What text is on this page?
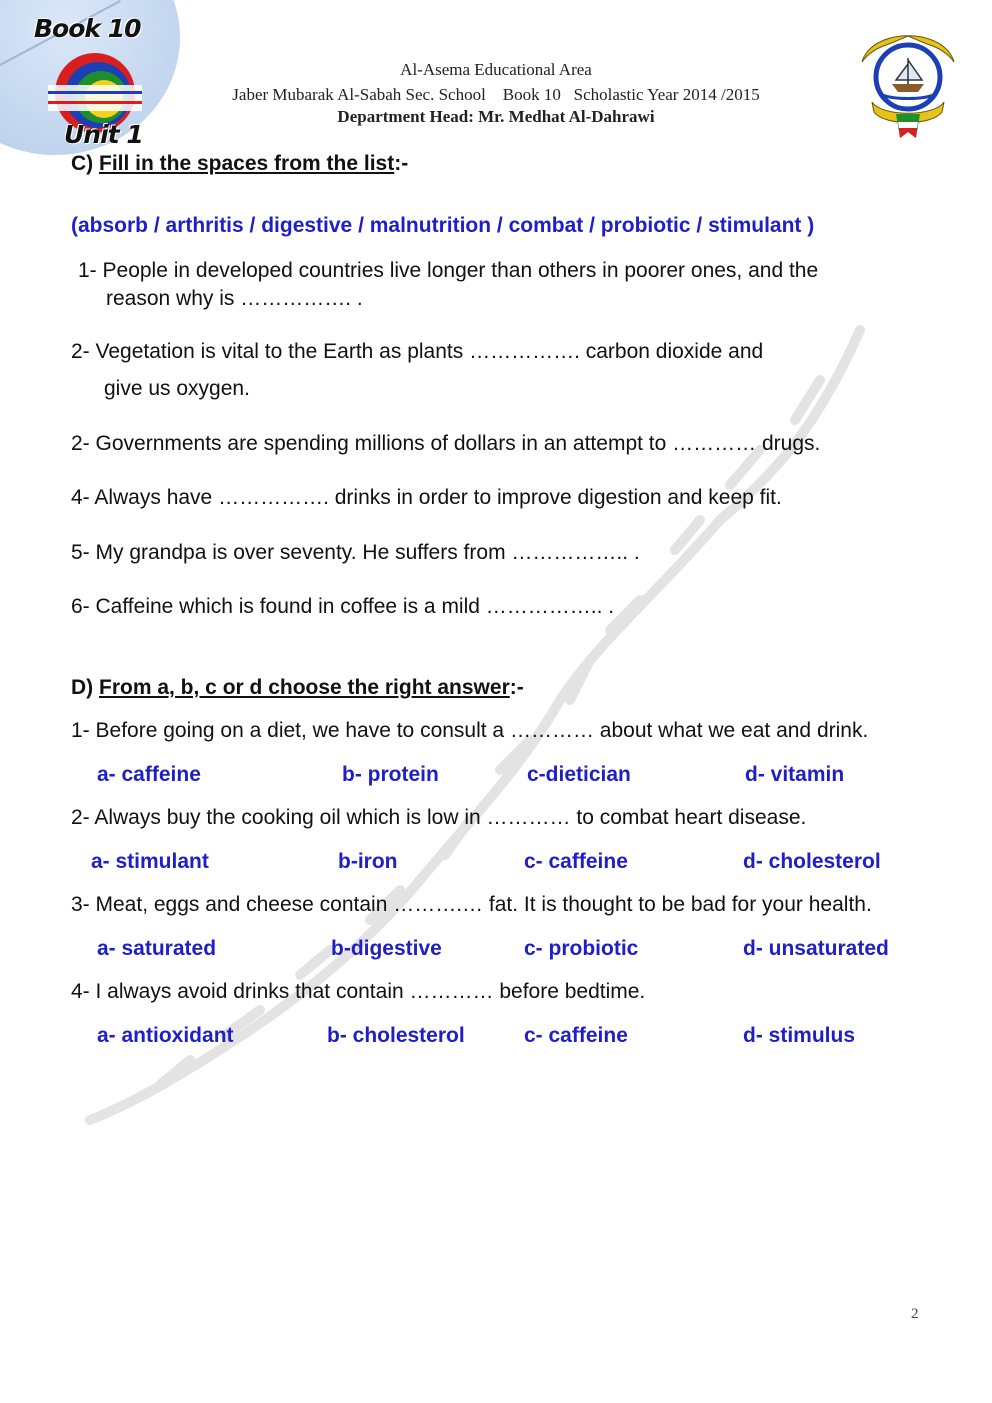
Book 10
Unit 1
Al-Asema Educational Area
Jaber Mubarak Al-Sabah Sec. School    Book 10   Scholastic Year 2014 /2015
Department Head: Mr. Medhat Al-Dahrawi
C) Fill in the spaces from the list:-
(absorb / arthritis / digestive / malnutrition / combat / probiotic / stimulant )
1- People in developed countries live longer than others in poorer ones, and the
reason why is ……………. .
2- Vegetation is vital to the Earth as plants ……………. carbon dioxide and
give us oxygen.
2- Governments are spending millions of dollars in an attempt to ………… drugs.
4- Always have ……………. drinks in order to improve digestion and keep fit.
5- My grandpa is over seventy. He suffers from …………….. .
6- Caffeine which is found in coffee is a mild …………….. .
D) From a, b, c or d choose the right answer:-
1- Before going on a diet, we have to consult a ………… about what we eat and drink.
a- caffeine	b- protein	c-dietician	d- vitamin
2- Always buy the cooking oil which is low in ………… to combat heart disease.
a- stimulant	b-iron	c- caffeine	d- cholesterol
3- Meat, eggs and cheese contain ……….… fat. It is thought to be bad for your health.
a- saturated	b-digestive	c- probiotic	d- unsaturated
4- I always avoid drinks that contain ………… before bedtime.
a- antioxidant	b- cholesterol	c- caffeine	d- stimulus
2
